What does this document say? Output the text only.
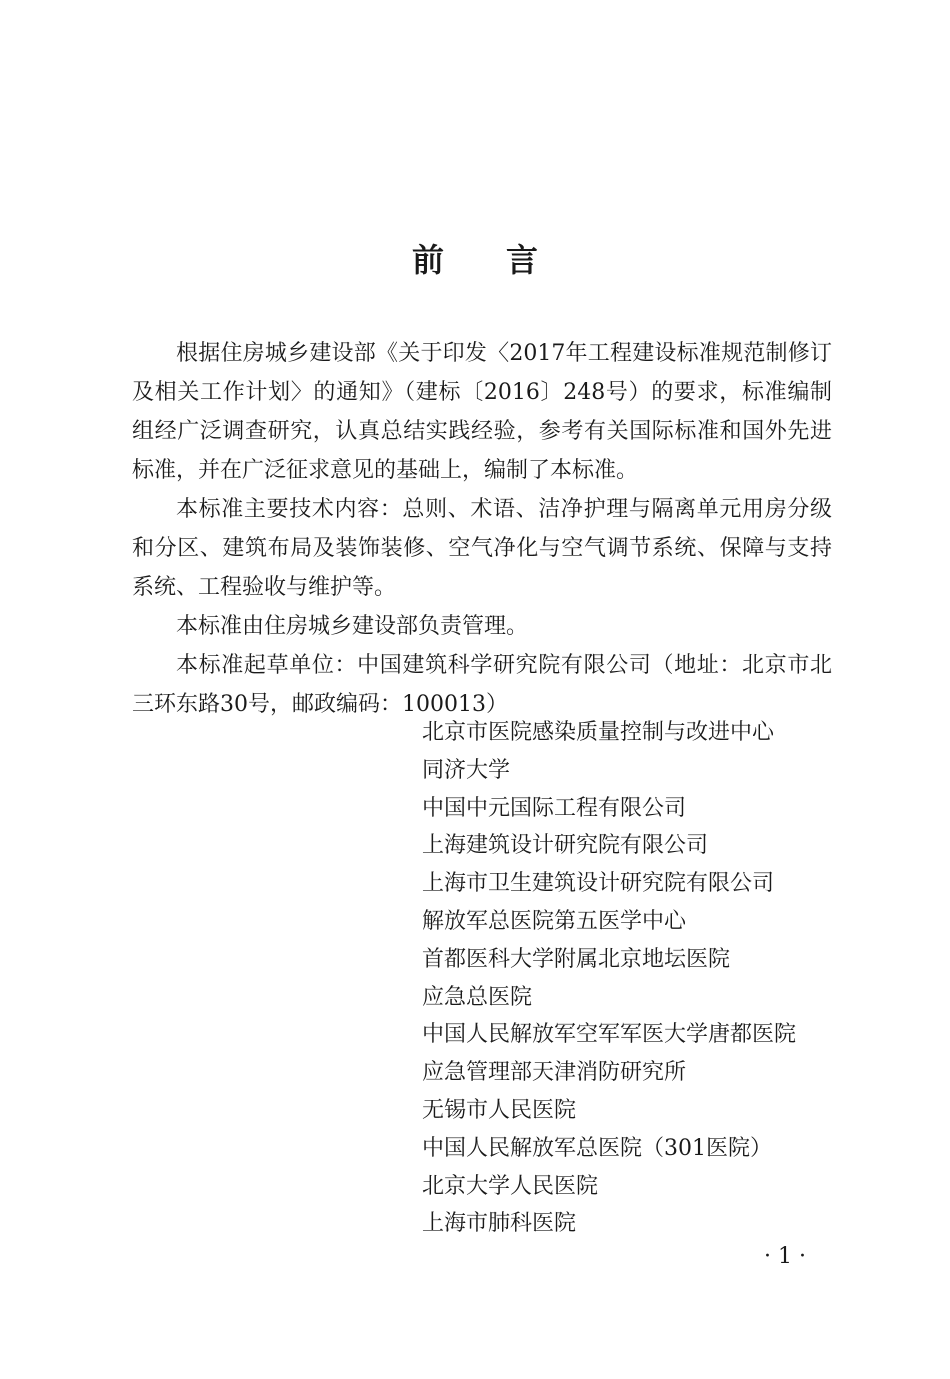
前言

根据住房城乡建设部《关于印发〈2017年工程建设标准规范制修订及相关工作计划〉的通知》（建标〔2016〕248号）的要求，标准编制组经广泛调查研究，认真总结实践经验，参考有关国际标准和国外先进标准，并在广泛征求意见的基础上，编制了本标准。

本标准主要技术内容：总则、术语、洁净护理与隔离单元用房分级和分区、建筑布局及装饰装修、空气净化与空气调节系统、保障与支持系统、工程验收与维护等。

本标准由住房城乡建设部负责管理。

本标准起草单位：中国建筑科学研究院有限公司（地址：北京市北三环东路30号，邮政编码：100013）

北京市医院感染质量控制与改进中心
同济大学
中国中元国际工程有限公司
上海建筑设计研究院有限公司
上海市卫生建筑设计研究院有限公司
解放军总医院第五医学中心
首都医科大学附属北京地坛医院
应急总医院
中国人民解放军空军军医大学唐都医院
应急管理部天津消防研究所
无锡市人民医院
中国人民解放军总医院（301医院）
北京大学人民医院
上海市肺科医院
· 1 ·
